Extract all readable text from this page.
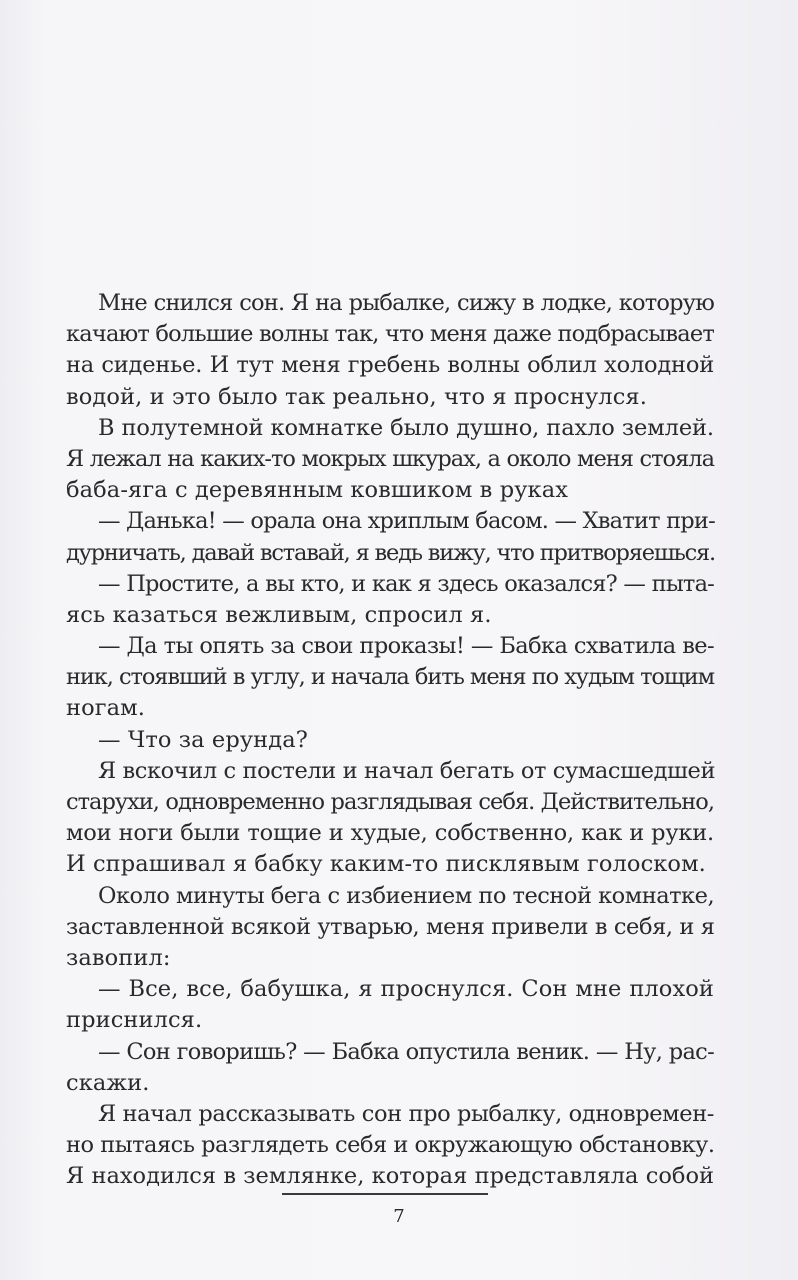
Мне снился сон. Я на рыбалке, сижу в лодке, которую
качают большие волны так, что меня даже подбрасывает
на сиденье. И тут меня гребень волны облил холодной
водой, и это было так реально, что я проснулся.
В полутемной комнатке было душно, пахло землей.
Я лежал на каких-то мокрых шкурах, а около меня стояла
баба-яга с деревянным ковшиком в руках
— Данька! — орала она хриплым басом. — Хватит при-
дурничать, давай вставай, я ведь вижу, что притворяешься.
— Простите, а вы кто, и как я здесь оказался? — пыта-
ясь казаться вежливым, спросил я.
— Да ты опять за свои проказы! — Бабка схватила ве-
ник, стоявший в углу, и начала бить меня по худым тощим
ногам.
— Что за ерунда?
Я вскочил с постели и начал бегать от сумасшедшей
старухи, одновременно разглядывая себя. Действительно,
мои ноги были тощие и худые, собственно, как и руки.
И спрашивал я бабку каким-то писклявым голоском.
Около минуты бега с избиением по тесной комнатке,
заставленной всякой утварью, меня привели в себя, и я
завопил:
— Все, все, бабушка, я проснулся. Сон мне плохой
приснился.
— Сон говоришь? — Бабка опустила веник. — Ну, рас-
скажи.
Я начал рассказывать сон про рыбалку, одновремен-
но пытаясь разглядеть себя и окружающую обстановку.
Я находился в землянке, которая представляла собой
7
